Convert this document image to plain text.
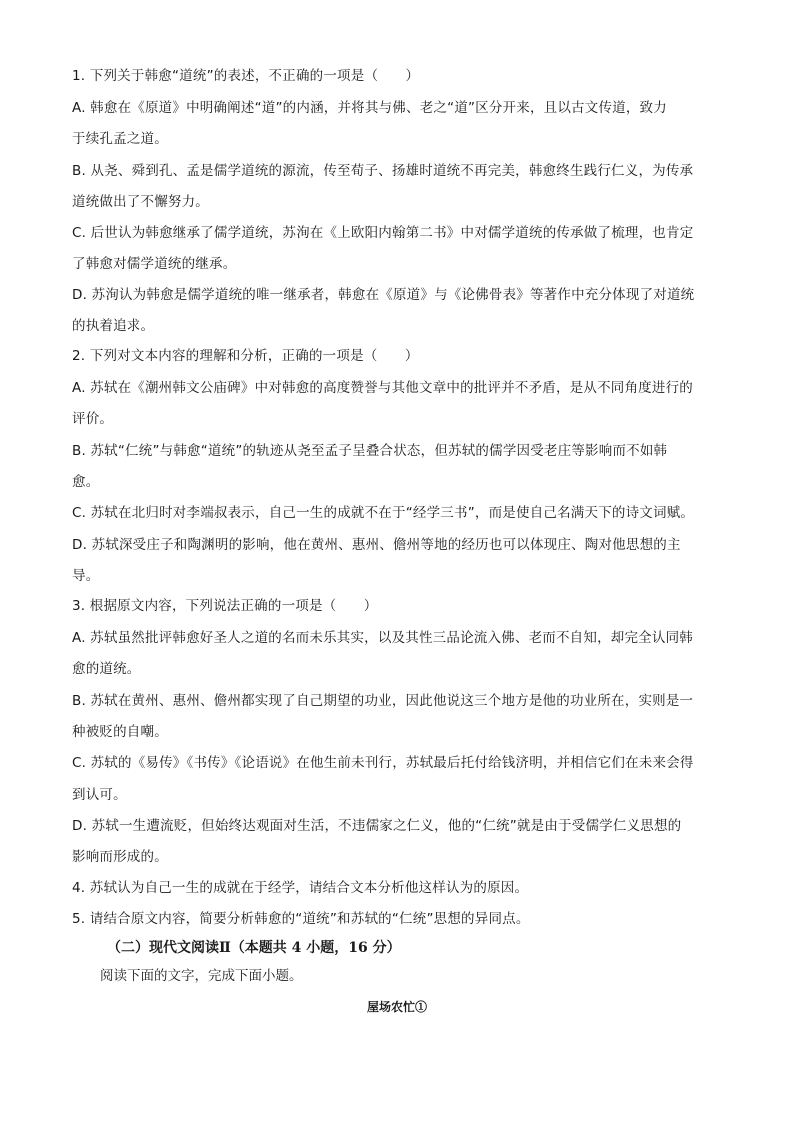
1. 下列关于韩愈“道统”的表述，不正确的一项是（　　）
A. 韩愈在《原道》中明确阐述“道”的内涵，并将其与佛、老之“道”区分开来，且以古文传道，致力
于续孔孟之道。
B. 从尧、舜到孔、孟是儒学道统的源流，传至荀子、扬雄时道统不再完美，韩愈终生践行仁义，为传承
道统做出了不懈努力。
C. 后世认为韩愈继承了儒学道统，苏洵在《上欧阳内翰第二书》中对儒学道统的传承做了梳理，也肯定
了韩愈对儒学道统的继承。
D. 苏洵认为韩愈是儒学道统的唯一继承者，韩愈在《原道》与《论佛骨表》等著作中充分体现了对道统
的执着追求。
2. 下列对文本内容的理解和分析，正确的一项是（　　）
A. 苏轼在《潮州韩文公庙碑》中对韩愈的高度赞誉与其他文章中的批评并不矛盾，是从不同角度进行的
评价。
B. 苏轼“仁统”与韩愈“道统”的轨迹从尧至孟子呈叠合状态，但苏轼的儒学因受老庄等影响而不如韩
愈。
C. 苏轼在北归时对李端叔表示，自己一生的成就不在于“经学三书”，而是使自己名满天下的诗文词赋。
D. 苏轼深受庄子和陶渊明的影响，他在黄州、惠州、儋州等地的经历也可以体现庄、陶对他思想的主
导。
3. 根据原文内容，下列说法正确的一项是（　　）
A. 苏轼虽然批评韩愈好圣人之道的名而未乐其实，以及其性三品论流入佛、老而不自知，却完全认同韩
愈的道统。
B. 苏轼在黄州、惠州、儋州都实现了自己期望的功业，因此他说这三个地方是他的功业所在，实则是一
种被贬的自嘲。
C. 苏轼的《易传》《书传》《论语说》在他生前未刊行，苏轼最后托付给钱济明，并相信它们在未来会得
到认可。
D. 苏轼一生遭流贬，但始终达观面对生活，不违儒家之仁义，他的“仁统”就是由于受儒学仁义思想的
影响而形成的。
4. 苏轼认为自己一生的成就在于经学，请结合文本分析他这样认为的原因。
5. 请结合原文内容，简要分析韩愈的“道统”和苏轼的“仁统”思想的异同点。
（二）现代文阅读Ⅱ（本题共 4 小题，16 分）
阅读下面的文字，完成下面小题。
屋场农忙①
